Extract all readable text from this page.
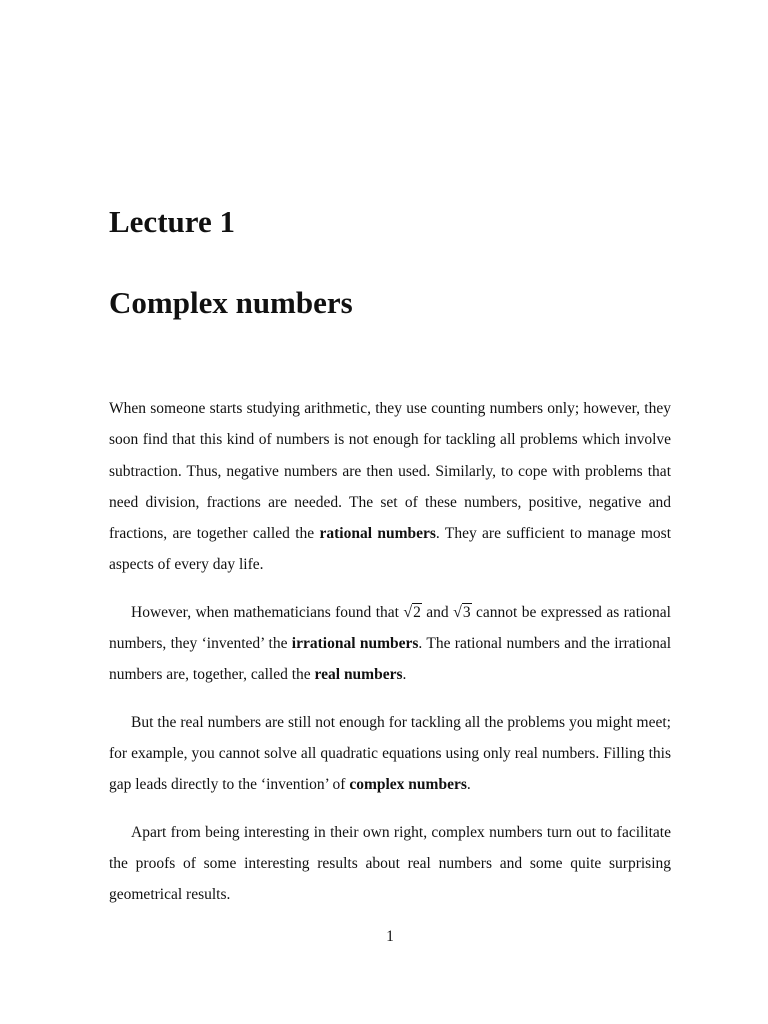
Lecture 1
Complex numbers

When someone starts studying arithmetic, they use counting numbers only; however, they soon find that this kind of numbers is not enough for tackling all problems which involve subtraction. Thus, negative numbers are then used. Similarly, to cope with problems that need division, fractions are needed. The set of these numbers, positive, negative and fractions, are together called the rational numbers. They are sufficient to manage most aspects of every day life.

However, when mathematicians found that √2 and √3 cannot be expressed as rational numbers, they ‘invented’ the irrational numbers. The rational numbers and the irrational numbers are, together, called the real numbers.

But the real numbers are still not enough for tackling all the problems you might meet; for example, you cannot solve all quadratic equations using only real numbers. Filling this gap leads directly to the ‘invention’ of complex numbers.

Apart from being interesting in their own right, complex numbers turn out to facilitate the proofs of some interesting results about real numbers and some quite surprising geometrical results.

1
